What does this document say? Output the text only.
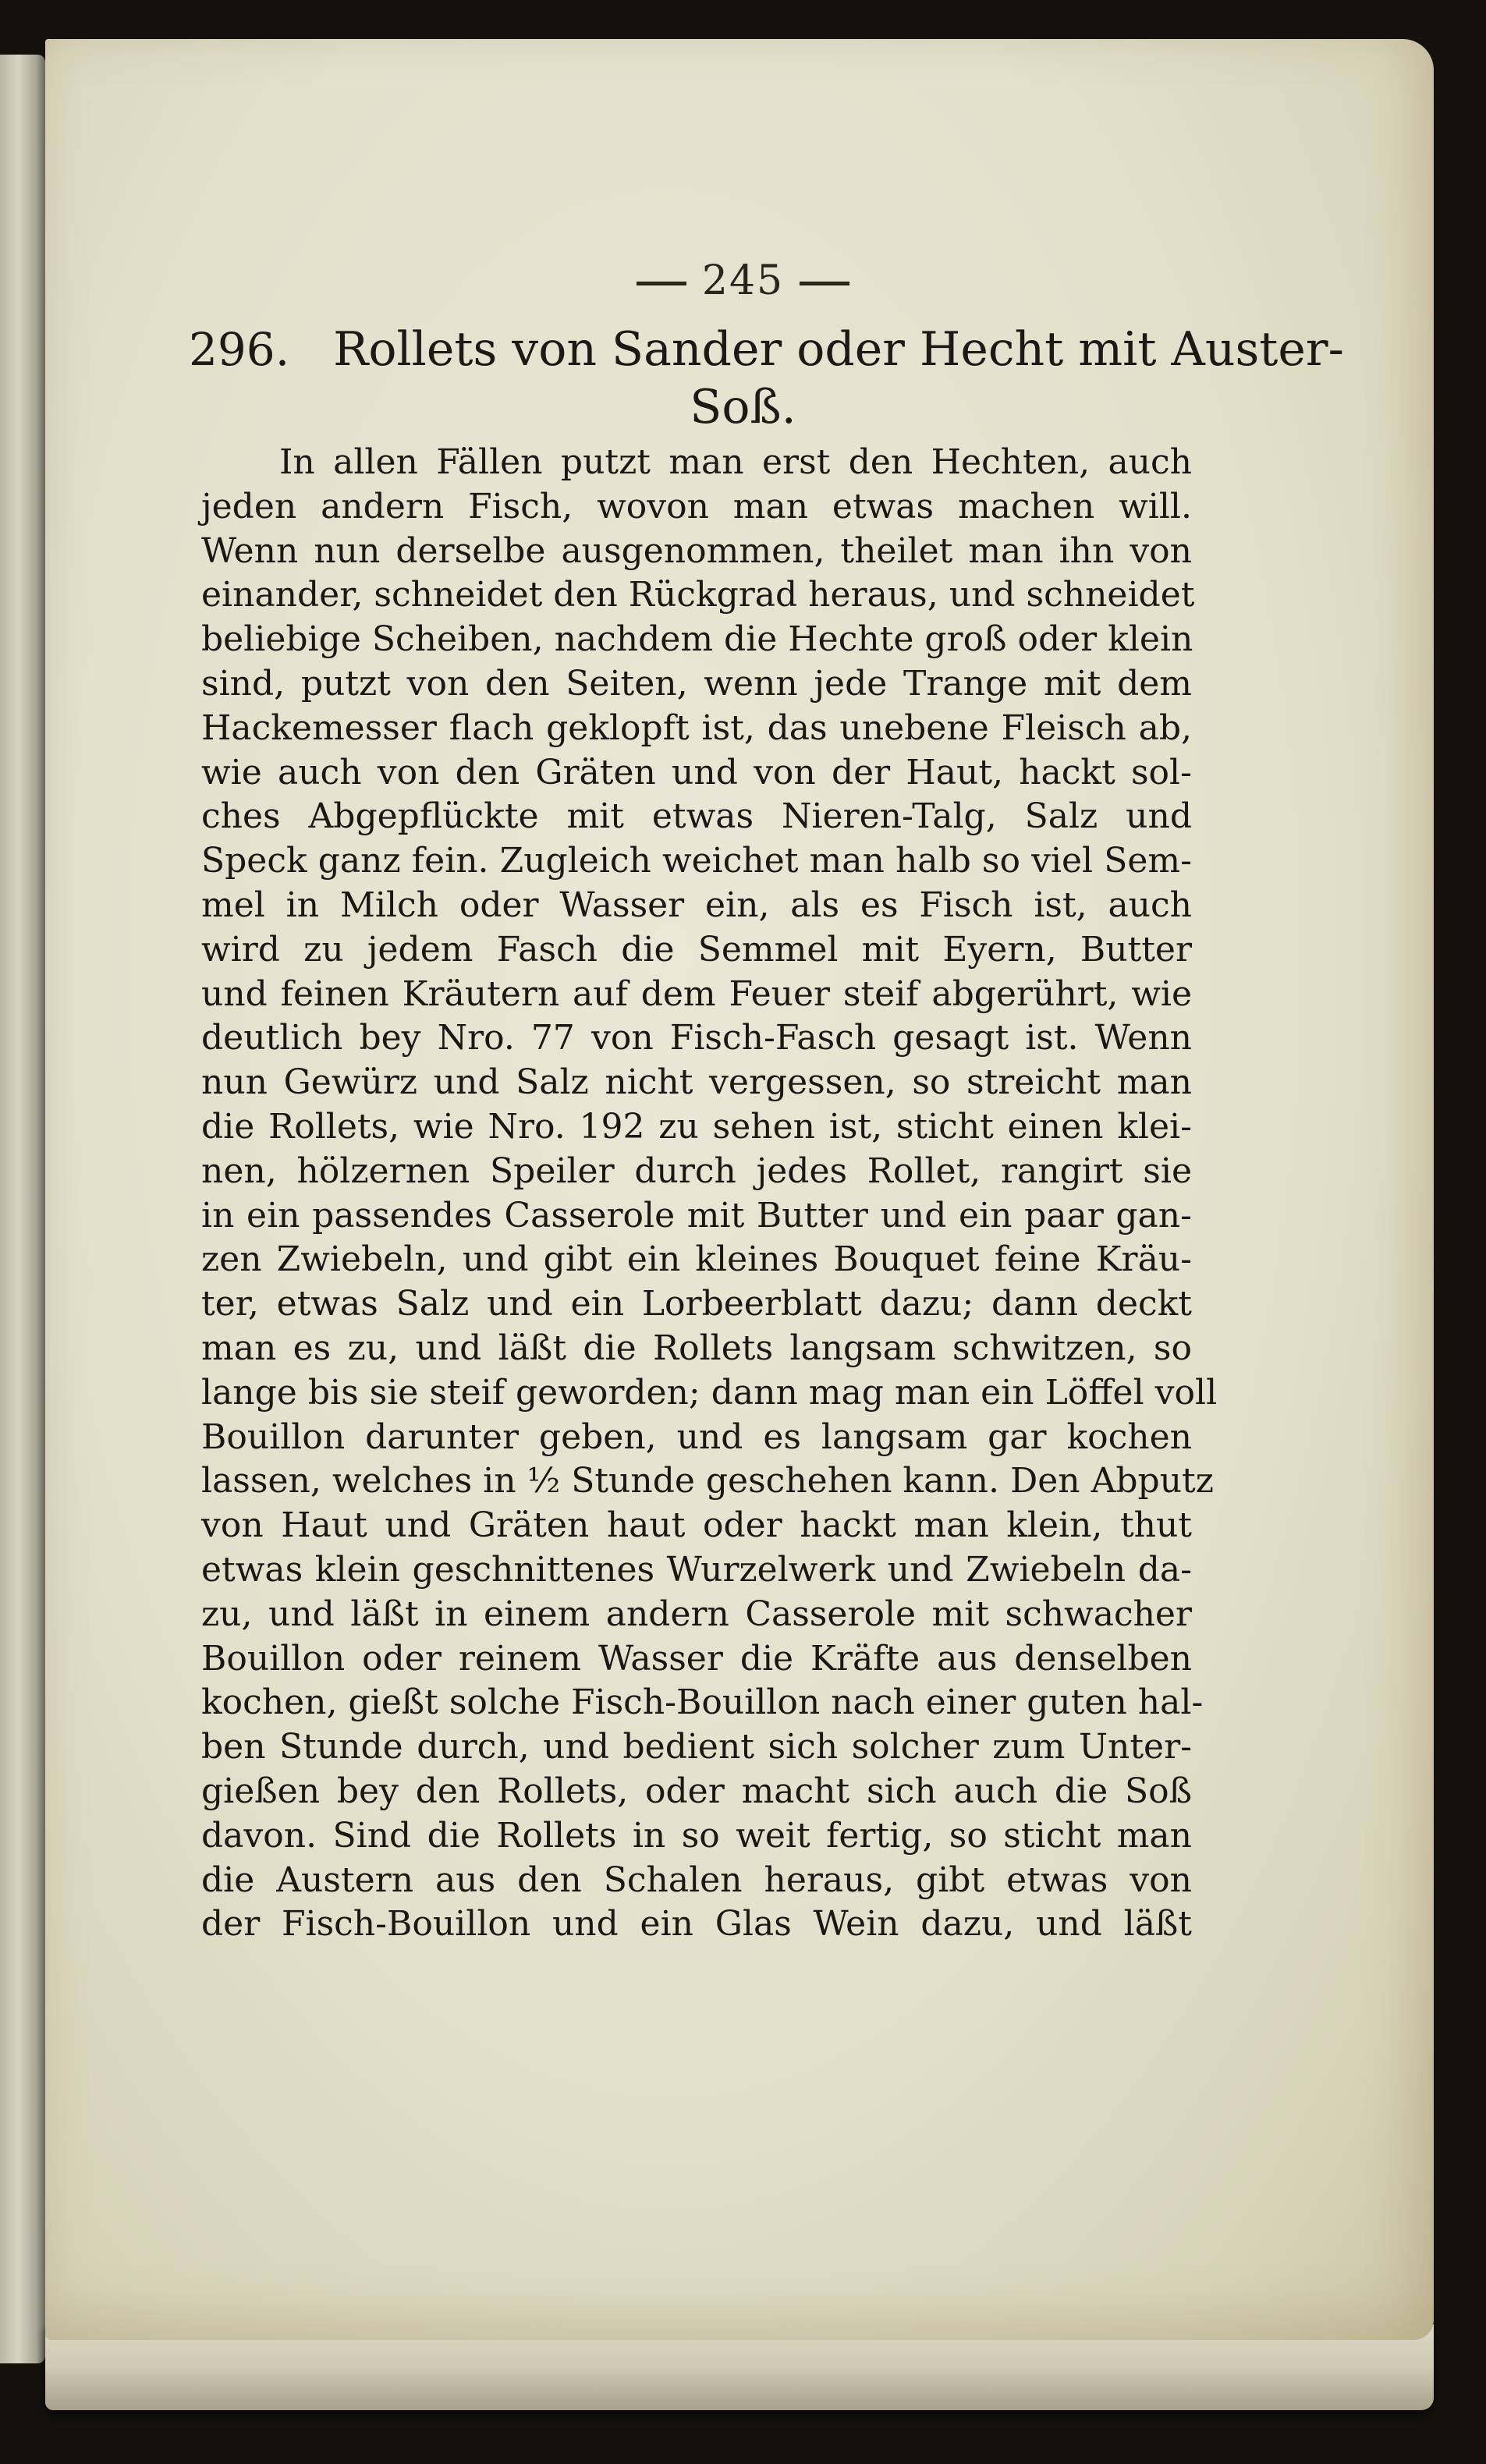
245
296. Rollets von Sander oder Hecht mit Auster-
Soß.
In allen Fällen putzt man erst den Hechten, auch
jeden andern Fisch, wovon man etwas machen will.
Wenn nun derselbe ausgenommen, theilet man ihn von
einander, schneidet den Rückgrad heraus, und schneidet
beliebige Scheiben, nachdem die Hechte groß oder klein
sind, putzt von den Seiten, wenn jede Trange mit dem
Hackemesser flach geklopft ist, das unebene Fleisch ab,
wie auch von den Gräten und von der Haut, hackt sol-
ches Abgepflückte mit etwas Nieren-Talg, Salz und
Speck ganz fein. Zugleich weichet man halb so viel Sem-
mel in Milch oder Wasser ein, als es Fisch ist, auch
wird zu jedem Fasch die Semmel mit Eyern, Butter
und feinen Kräutern auf dem Feuer steif abgerührt, wie
deutlich bey Nro. 77 von Fisch-Fasch gesagt ist. Wenn
nun Gewürz und Salz nicht vergessen, so streicht man
die Rollets, wie Nro. 192 zu sehen ist, sticht einen klei-
nen, hölzernen Speiler durch jedes Rollet, rangirt sie
in ein passendes Casserole mit Butter und ein paar gan-
zen Zwiebeln, und gibt ein kleines Bouquet feine Kräu-
ter, etwas Salz und ein Lorbeerblatt dazu; dann deckt
man es zu, und läßt die Rollets langsam schwitzen, so
lange bis sie steif geworden; dann mag man ein Löffel voll
Bouillon darunter geben, und es langsam gar kochen
lassen, welches in ½ Stunde geschehen kann. Den Abputz
von Haut und Gräten haut oder hackt man klein, thut
etwas klein geschnittenes Wurzelwerk und Zwiebeln da-
zu, und läßt in einem andern Casserole mit schwacher
Bouillon oder reinem Wasser die Kräfte aus denselben
kochen, gießt solche Fisch-Bouillon nach einer guten hal-
ben Stunde durch, und bedient sich solcher zum Unter-
gießen bey den Rollets, oder macht sich auch die Soß
davon. Sind die Rollets in so weit fertig, so sticht man
die Austern aus den Schalen heraus, gibt etwas von
der Fisch-Bouillon und ein Glas Wein dazu, und läßt
